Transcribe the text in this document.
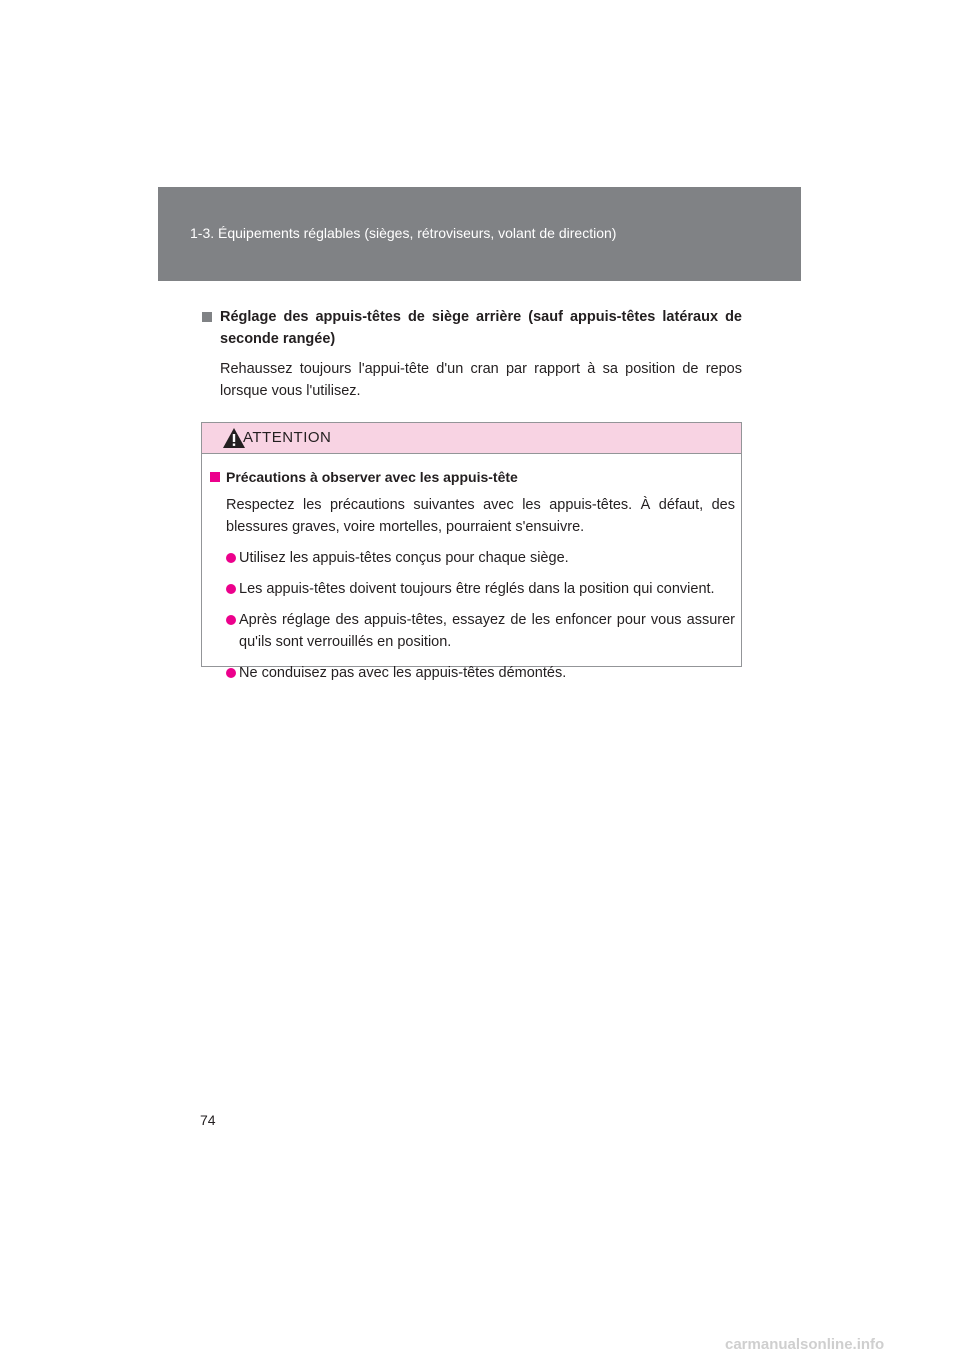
1-3. Équipements réglables (sièges, rétroviseurs, volant de direction)
Réglage des appuis-têtes de siège arrière (sauf appuis-têtes latéraux de seconde rangée)
Rehaussez toujours l'appui-tête d'un cran par rapport à sa position de repos lorsque vous l'utilisez.
ATTENTION
Précautions à observer avec les appuis-tête
Respectez les précautions suivantes avec les appuis-têtes. À défaut, des blessures graves, voire mortelles, pourraient s'ensuivre.
Utilisez les appuis-têtes conçus pour chaque siège.
Les appuis-têtes doivent toujours être réglés dans la position qui convient.
Après réglage des appuis-têtes, essayez de les enfoncer pour vous assurer qu'ils sont verrouillés en position.
Ne conduisez pas avec les appuis-têtes démontés.
74
carmanualsonline.info
